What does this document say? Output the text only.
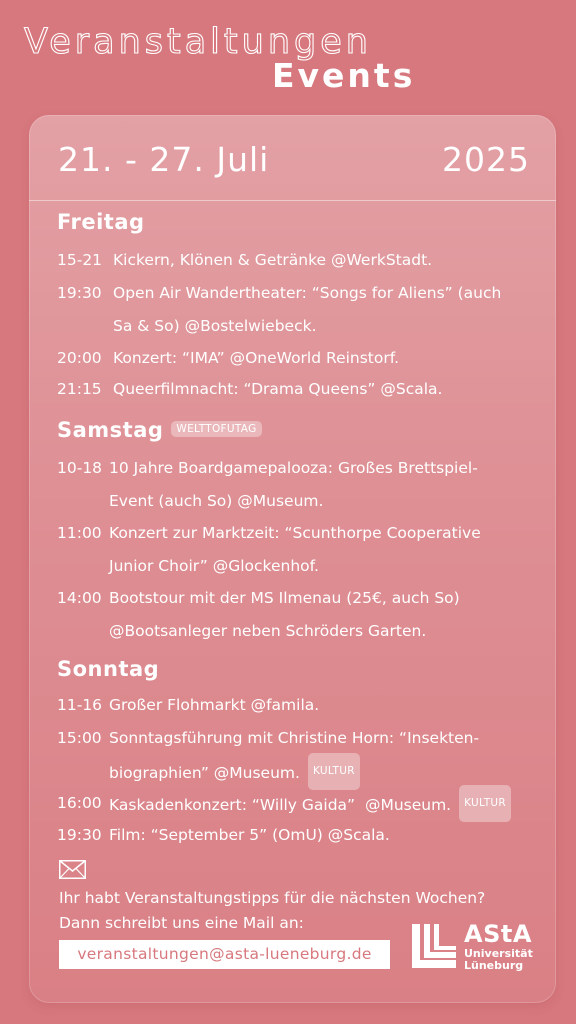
Veranstaltungen
Events
21. - 27. Juli	2025
Freitag
15-21 Kickern, Klönen & Getränke @WerkStadt.
19:30 Open Air Wandertheater: “Songs for Aliens” (auch
Sa & So) @Bostelwiebeck.
20:00 Konzert: “IMA” @OneWorld Reinstorf.
21:15 Queerfilmnacht: “Drama Queens” @Scala.
Samstag WELTTOFUTAG
10-18 10 Jahre Boardgamepalooza: Großes Brettspiel-
Event (auch So) @Museum.
11:00 Konzert zur Marktzeit: “Scunthorpe Cooperative
Junior Choir” @Glockenhof.
14:00 Bootstour mit der MS Ilmenau (25€, auch So)
@Bootsanleger neben Schröders Garten.
Sonntag
11-16 Großer Flohmarkt @famila.
15:00 Sonntagsführung mit Christine Horn: “Insekten-
biographien” @Museum. KULTUR
16:00 Kaskadenkonzert: “Willy Gaida”  @Museum. KULTUR
19:30 Film: “September 5” (OmU) @Scala.
Ihr habt Veranstaltungstipps für die nächsten Wochen?
Dann schreibt uns eine Mail an:
veranstaltungen@asta-lueneburg.de
AStA
Universität
Lüneburg
